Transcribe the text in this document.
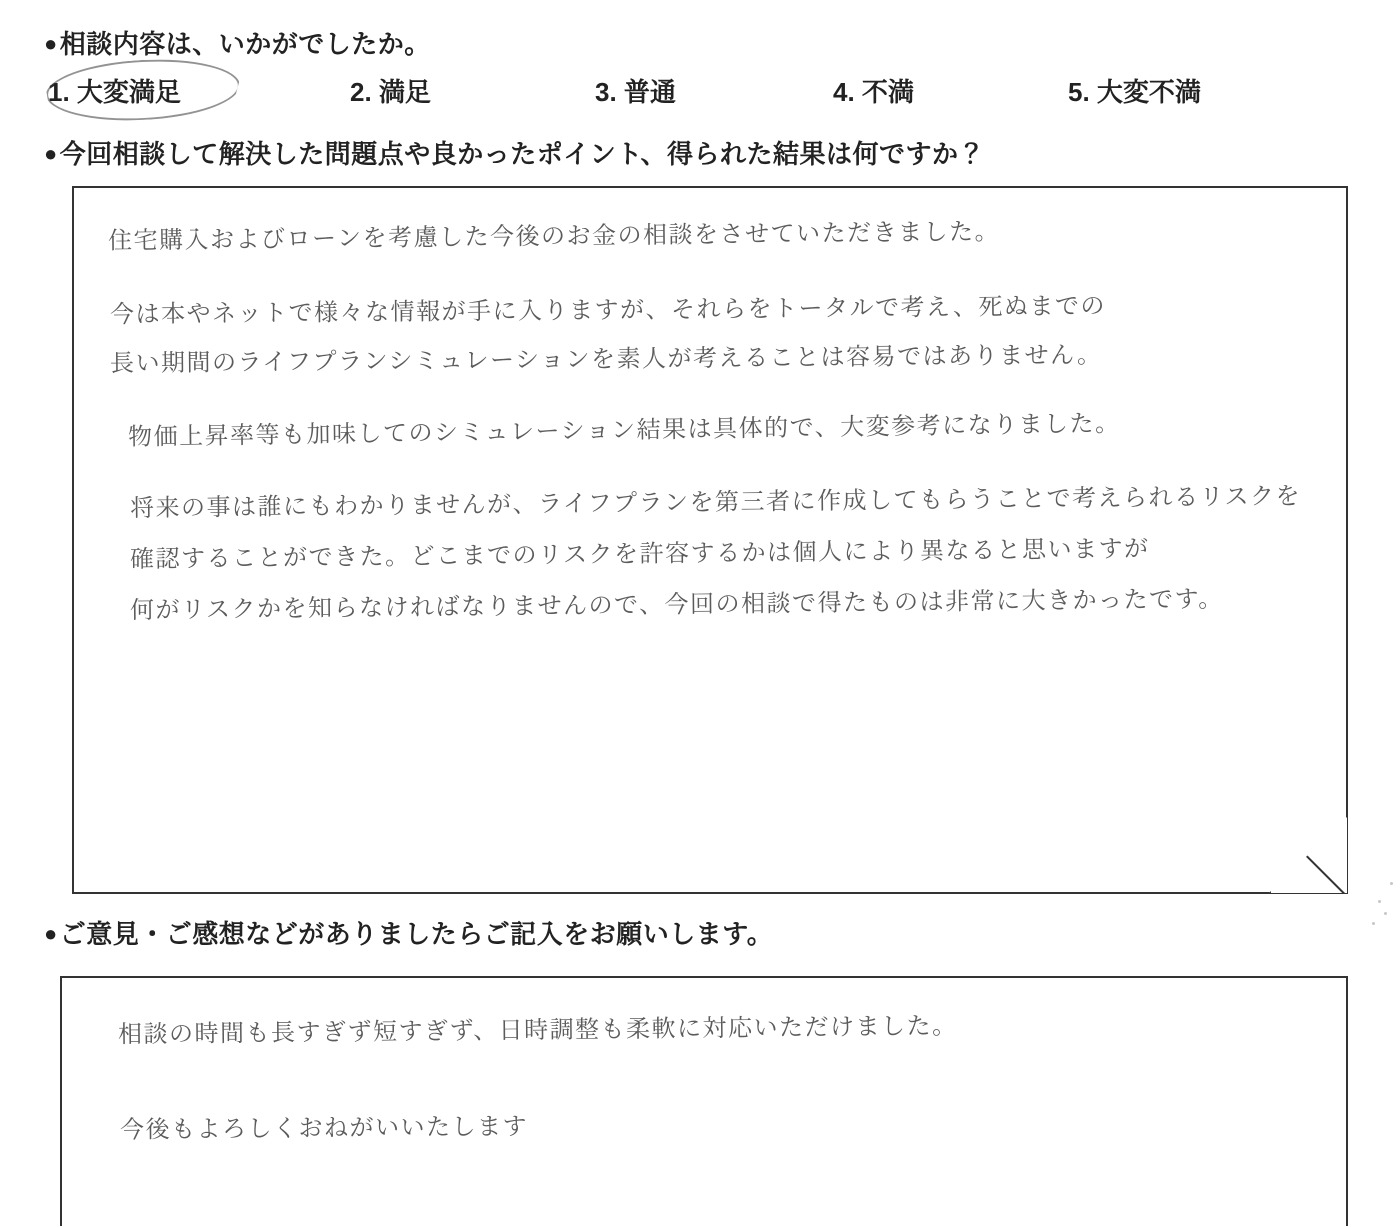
●相談内容は、いかがでしたか。
1. 大変満足	2. 満足	3. 普通	4. 不満	5. 大変不満
●今回相談して解決した問題点や良かったポイント、得られた結果は何ですか？
住宅購入およびローンを考慮した今後のお金の相談をさせていただきました。
今は本やネットで様々な情報が手に入りますが、それらをトータルで考え、死ぬまでの
長い期間のライフプランシミュレーションを素人が考えることは容易ではありません。
物価上昇率等も加味してのシミュレーション結果は具体的で、大変参考になりました。
将来の事は誰にもわかりませんが、ライフプランを第三者に作成してもらうことで考えられるリスクを
確認することができた。どこまでのリスクを許容するかは個人により異なると思いますが
何がリスクかを知らなければなりませんので、今回の相談で得たものは非常に大きかったです。
●ご意見・ご感想などがありましたらご記入をお願いします。
相談の時間も長すぎず短すぎず、日時調整も柔軟に対応いただけました。
今後もよろしくおねがいいたします
